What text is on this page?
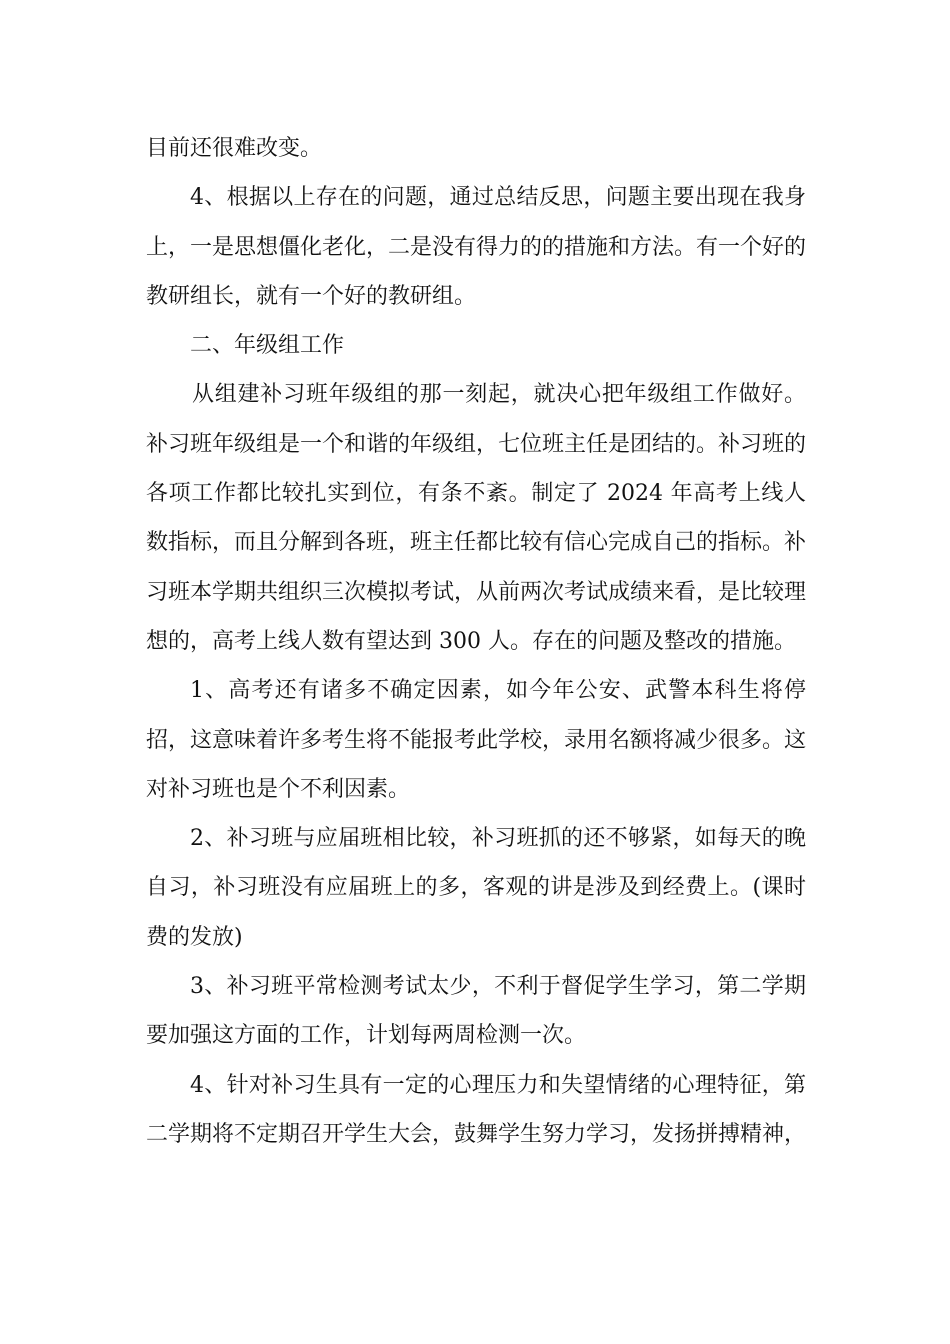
目前还很难改变。

4、根据以上存在的问题，通过总结反思，问题主要出现在我身上，一是思想僵化老化，二是没有得力的的措施和方法。有一个好的教研组长，就有一个好的教研组。

二、年级组工作

从组建补习班年级组的那一刻起，就决心把年级组工作做好。补习班年级组是一个和谐的年级组，七位班主任是团结的。补习班的各项工作都比较扎实到位，有条不紊。制定了 2024 年高考上线人数指标，而且分解到各班，班主任都比较有信心完成自己的指标。补习班本学期共组织三次模拟考试，从前两次考试成绩来看，是比较理想的，高考上线人数有望达到 300 人。存在的问题及整改的措施。

1、高考还有诸多不确定因素，如今年公安、武警本科生将停招，这意味着许多考生将不能报考此学校，录用名额将减少很多。这对补习班也是个不利因素。

2、补习班与应届班相比较，补习班抓的还不够紧，如每天的晚自习，补习班没有应届班上的多，客观的讲是涉及到经费上。(课时费的发放)

3、补习班平常检测考试太少，不利于督促学生学习，第二学期要加强这方面的工作，计划每两周检测一次。

4、针对补习生具有一定的心理压力和失望情绪的心理特征，第二学期将不定期召开学生大会，鼓舞学生努力学习，发扬拼搏精神，
